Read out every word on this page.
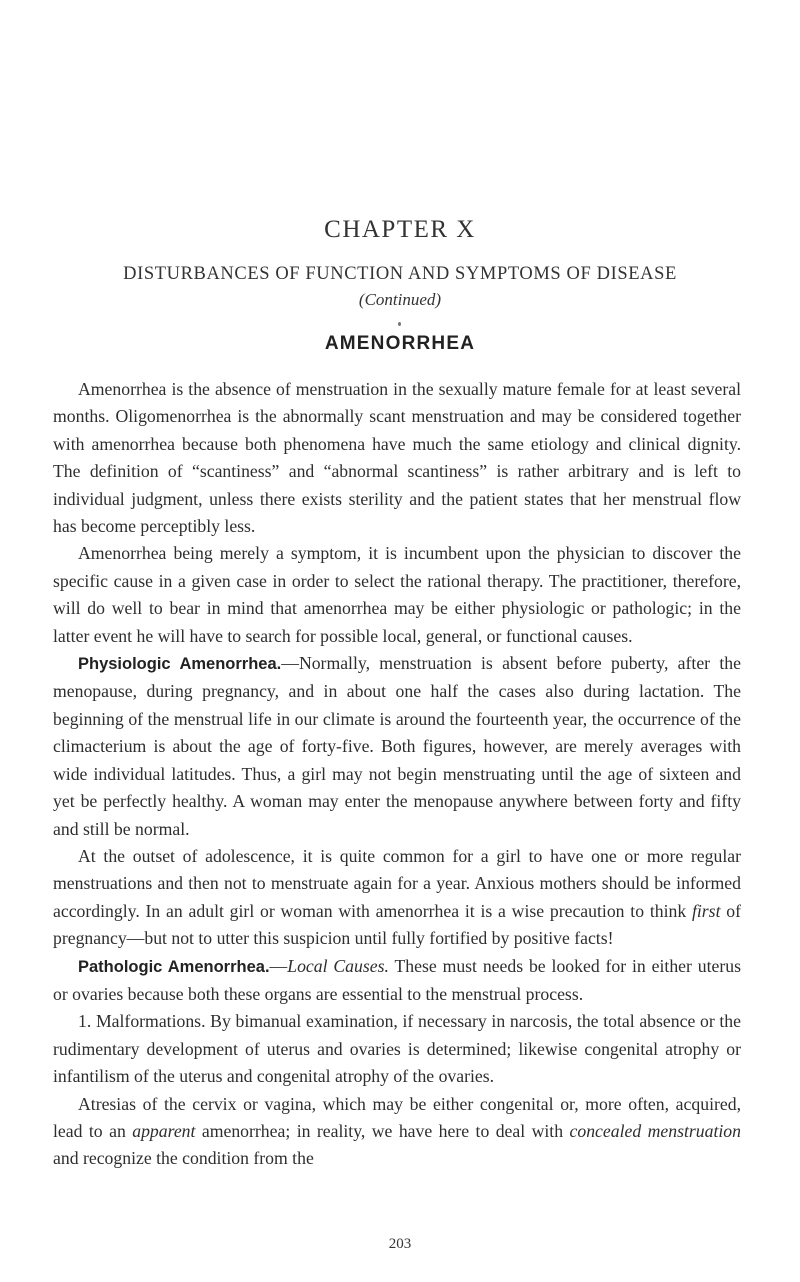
CHAPTER X
DISTURBANCES OF FUNCTION AND SYMPTOMS OF DISEASE
(Continued)
AMENORRHEA

Amenorrhea is the absence of menstruation in the sexually mature female for at least several months. Oligomenorrhea is the abnormally scant menstruation and may be considered together with amenorrhea because both phenomena have much the same etiology and clinical dignity. The definition of “scantiness” and “abnormal scantiness” is rather arbitrary and is left to individual judgment, unless there exists sterility and the patient states that her menstrual flow has become perceptibly less.

Amenorrhea being merely a symptom, it is incumbent upon the physician to discover the specific cause in a given case in order to select the rational therapy. The practitioner, therefore, will do well to bear in mind that amenorrhea may be either physiologic or pathologic; in the latter event he will have to search for possible local, general, or functional causes.

Physiologic Amenorrhea.—Normally, menstruation is absent before puberty, after the menopause, during pregnancy, and in about one half the cases also during lactation. The beginning of the menstrual life in our climate is around the fourteenth year, the occurrence of the climacterium is about the age of forty-five. Both figures, however, are merely averages with wide individual latitudes. Thus, a girl may not begin menstruating until the age of sixteen and yet be perfectly healthy. A woman may enter the menopause anywhere between forty and fifty and still be normal.

At the outset of adolescence, it is quite common for a girl to have one or more regular menstruations and then not to menstruate again for a year. Anxious mothers should be informed accordingly. In an adult girl or woman with amenorrhea it is a wise precaution to think first of pregnancy—but not to utter this suspicion until fully fortified by positive facts!

Pathologic Amenorrhea.—Local Causes. These must needs be looked for in either uterus or ovaries because both these organs are essential to the menstrual process.

1. Malformations. By bimanual examination, if necessary in narcosis, the total absence or the rudimentary development of uterus and ovaries is determined; likewise congenital atrophy or infantilism of the uterus and congenital atrophy of the ovaries.

Atresias of the cervix or vagina, which may be either congenital or, more often, acquired, lead to an apparent amenorrhea; in reality, we have here to deal with concealed menstruation and recognize the condition from the

203
